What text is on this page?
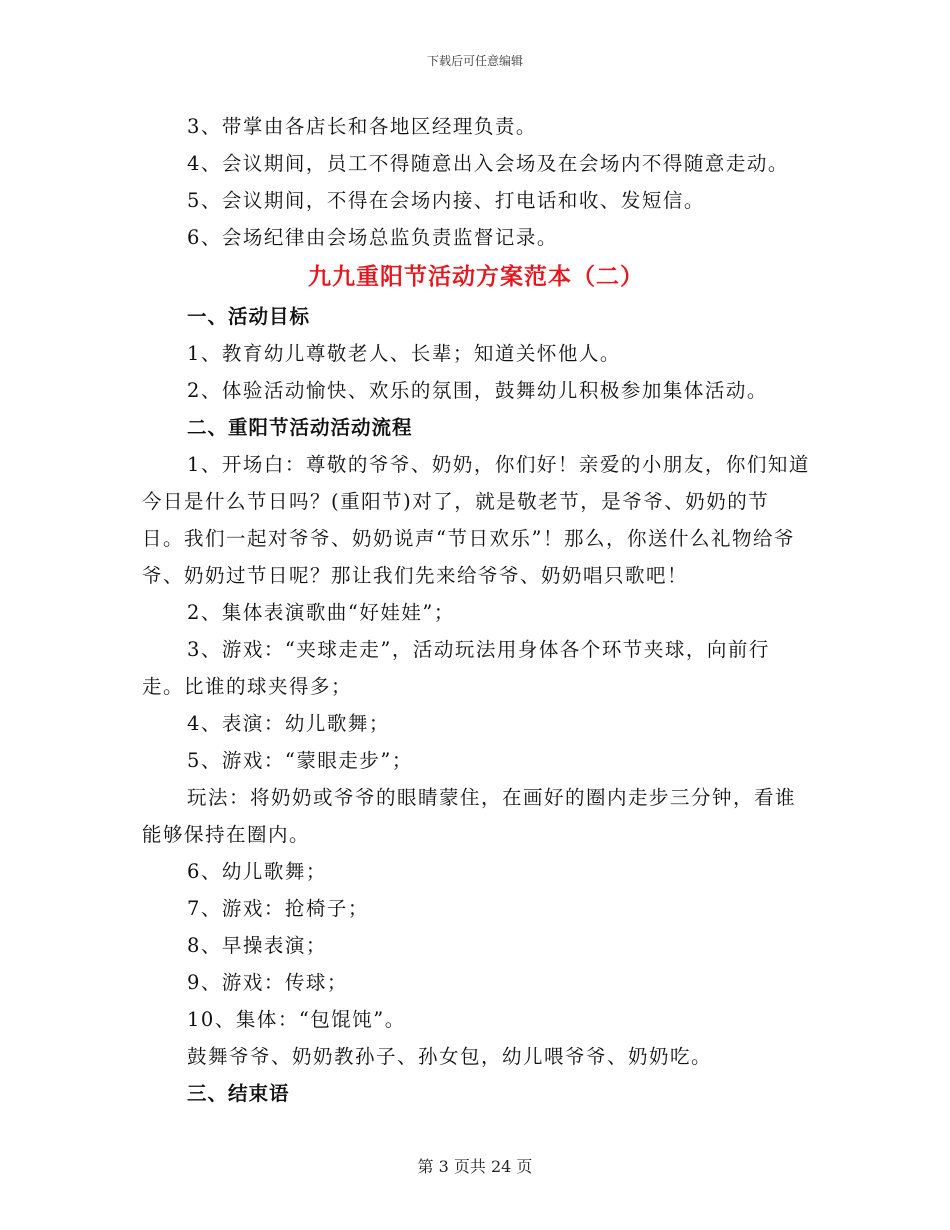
下载后可任意编辑

3、带掌由各店长和各地区经理负责。

4、会议期间，员工不得随意出入会场及在会场内不得随意走动。

5、会议期间，不得在会场内接、打电话和收、发短信。

6、会场纪律由会场总监负责监督记录。

九九重阳节活动方案范本（二）
一、活动目标

1、教育幼儿尊敬老人、长辈；知道关怀他人。

2、体验活动愉快、欢乐的氛围，鼓舞幼儿积极参加集体活动。

二、重阳节活动活动流程

1、开场白：尊敬的爷爷、奶奶，你们好！亲爱的小朋友，你们知道今日是什么节日吗？(重阳节)对了，就是敬老节，是爷爷、奶奶的节日。我们一起对爷爷、奶奶说声“节日欢乐”！那么，你送什么礼物给爷爷、奶奶过节日呢？那让我们先来给爷爷、奶奶唱只歌吧！

2、集体表演歌曲“好娃娃”；

3、游戏：“夹球走走”，活动玩法用身体各个环节夹球，向前行走。比谁的球夹得多；

4、表演：幼儿歌舞；

5、游戏：“蒙眼走步”；

玩法：将奶奶或爷爷的眼睛蒙住，在画好的圈内走步三分钟，看谁能够保持在圈内。

6、幼儿歌舞；

7、游戏：抢椅子；

8、早操表演；

9、游戏：传球；

10、集体：“包馄饨”。

鼓舞爷爷、奶奶教孙子、孙女包，幼儿喂爷爷、奶奶吃。

三、结束语
第 3 页共 24 页
